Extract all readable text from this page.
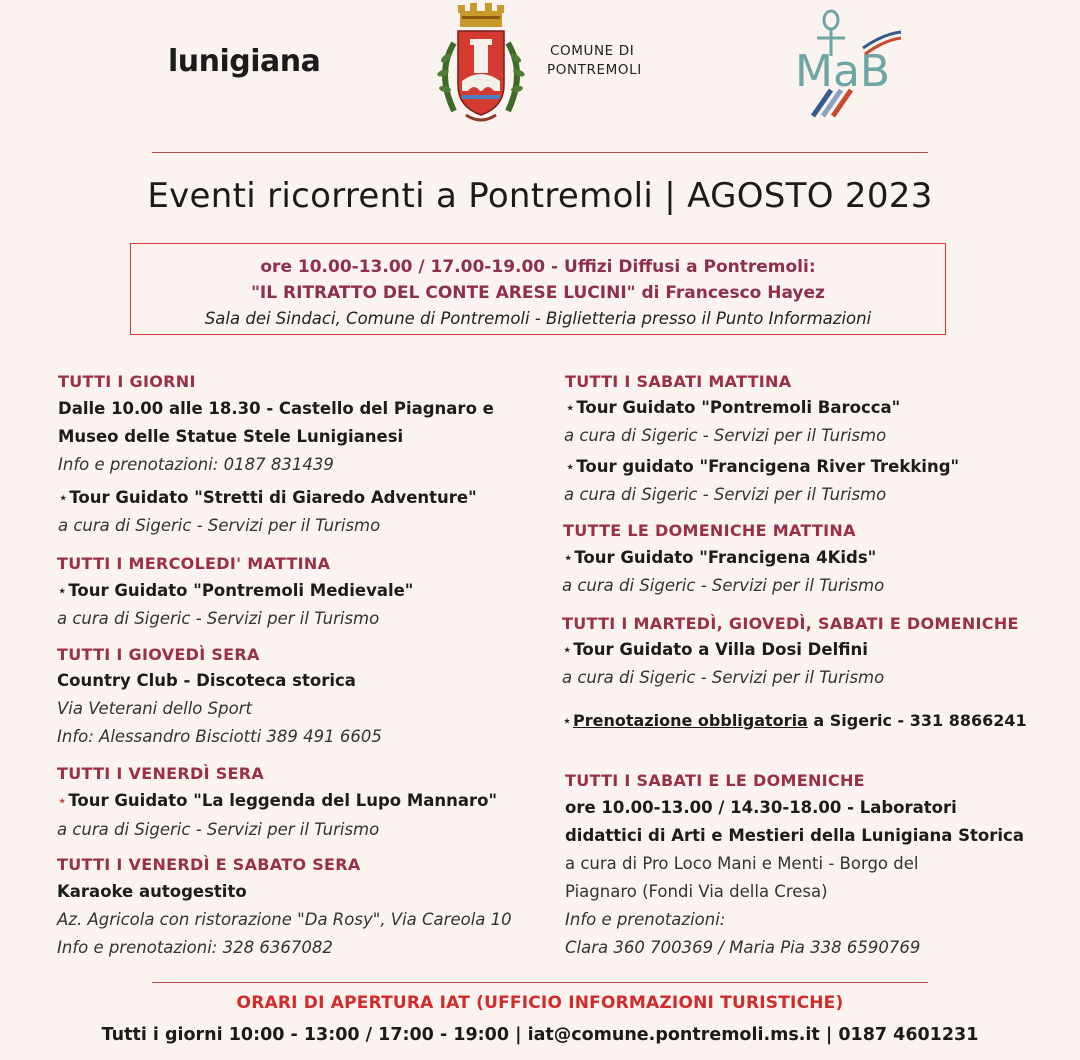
lunigiana	COMUNE DI
PONTREMOLI	MaB
Eventi ricorrenti a Pontremoli | AGOSTO 2023
ore 10.00-13.00 / 17.00-19.00 - Uffizi Diffusi a Pontremoli:
"IL RITRATTO DEL CONTE ARESE LUCINI" di Francesco Hayez
Sala dei Sindaci, Comune di Pontremoli - Biglietteria presso il Punto Informazioni
TUTTI I GIORNI
Dalle 10.00 alle 18.30 - Castello del Piagnaro e
Museo delle Statue Stele Lunigianesi
Info e prenotazioni: 0187 831439
⋆Tour Guidato "Stretti di Giaredo Adventure"
a cura di Sigeric - Servizi per il Turismo
TUTTI I MERCOLEDI' MATTINA
⋆Tour Guidato "Pontremoli Medievale"
a cura di Sigeric - Servizi per il Turismo
TUTTI I GIOVEDÌ SERA
Country Club - Discoteca storica
Via Veterani dello Sport
Info: Alessandro Bisciotti 389 491 6605
TUTTI I VENERDÌ SERA
⋆Tour Guidato "La leggenda del Lupo Mannaro"
a cura di Sigeric - Servizi per il Turismo
TUTTI I VENERDÌ E SABATO SERA
Karaoke autogestito
Az. Agricola con ristorazione "Da Rosy", Via Careola 10
Info e prenotazioni: 328 6367082
TUTTI I SABATI MATTINA
⋆Tour Guidato "Pontremoli Barocca"
a cura di Sigeric - Servizi per il Turismo
⋆Tour guidato "Francigena River Trekking"
a cura di Sigeric - Servizi per il Turismo
TUTTE LE DOMENICHE MATTINA
⋆Tour Guidato "Francigena 4Kids"
a cura di Sigeric - Servizi per il Turismo
TUTTI I MARTEDÌ, GIOVEDÌ, SABATI E DOMENICHE
⋆Tour Guidato a Villa Dosi Delfini
a cura di Sigeric - Servizi per il Turismo
⋆Prenotazione obbligatoria a Sigeric - 331 8866241
TUTTI I SABATI E LE DOMENICHE
ore 10.00-13.00 / 14.30-18.00 - Laboratori
didattici di Arti e Mestieri della Lunigiana Storica
a cura di Pro Loco Mani e Menti - Borgo del
Piagnaro (Fondi Via della Cresa)
Info e prenotazioni:
Clara 360 700369 / Maria Pia 338 6590769
ORARI DI APERTURA IAT (UFFICIO INFORMAZIONI TURISTICHE)
Tutti i giorni 10:00 - 13:00 / 17:00 - 19:00 | iat@comune.pontremoli.ms.it | 0187 4601231
